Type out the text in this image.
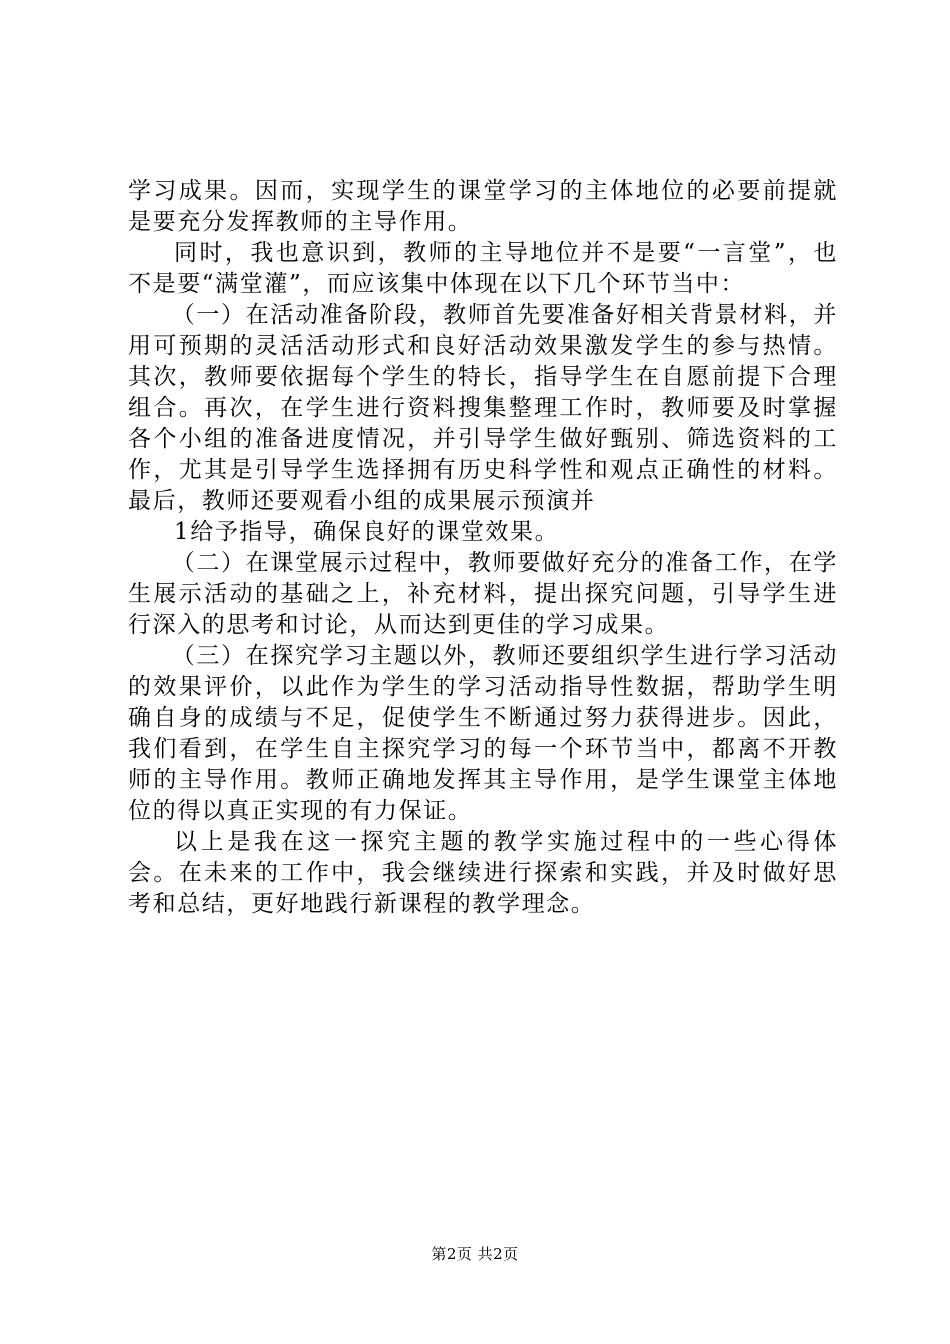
学习成果。因而，实现学生的课堂学习的主体地位的必要前提就是要充分发挥教师的主导作用。

同时，我也意识到，教师的主导地位并不是要“一言堂”，也不是要“满堂灌”，而应该集中体现在以下几个环节当中：

（一）在活动准备阶段，教师首先要准备好相关背景材料，并用可预期的灵活活动形式和良好活动效果激发学生的参与热情。其次，教师要依据每个学生的特长，指导学生在自愿前提下合理组合。再次，在学生进行资料搜集整理工作时，教师要及时掌握各个小组的准备进度情况，并引导学生做好甄别、筛选资料的工作，尤其是引导学生选择拥有历史科学性和观点正确性的材料。最后，教师还要观看小组的成果展示预演并

1给予指导，确保良好的课堂效果。

（二）在课堂展示过程中，教师要做好充分的准备工作，在学生展示活动的基础之上，补充材料，提出探究问题，引导学生进行深入的思考和讨论，从而达到更佳的学习成果。

（三）在探究学习主题以外，教师还要组织学生进行学习活动的效果评价，以此作为学生的学习活动指导性数据，帮助学生明确自身的成绩与不足，促使学生不断通过努力获得进步。因此，我们看到，在学生自主探究学习的每一个环节当中，都离不开教师的主导作用。教师正确地发挥其主导作用，是学生课堂主体地位的得以真正实现的有力保证。

以上是我在这一探究主题的教学实施过程中的一些心得体会。在未来的工作中，我会继续进行探索和实践，并及时做好思考和总结，更好地践行新课程的教学理念。

第2页 共2页
